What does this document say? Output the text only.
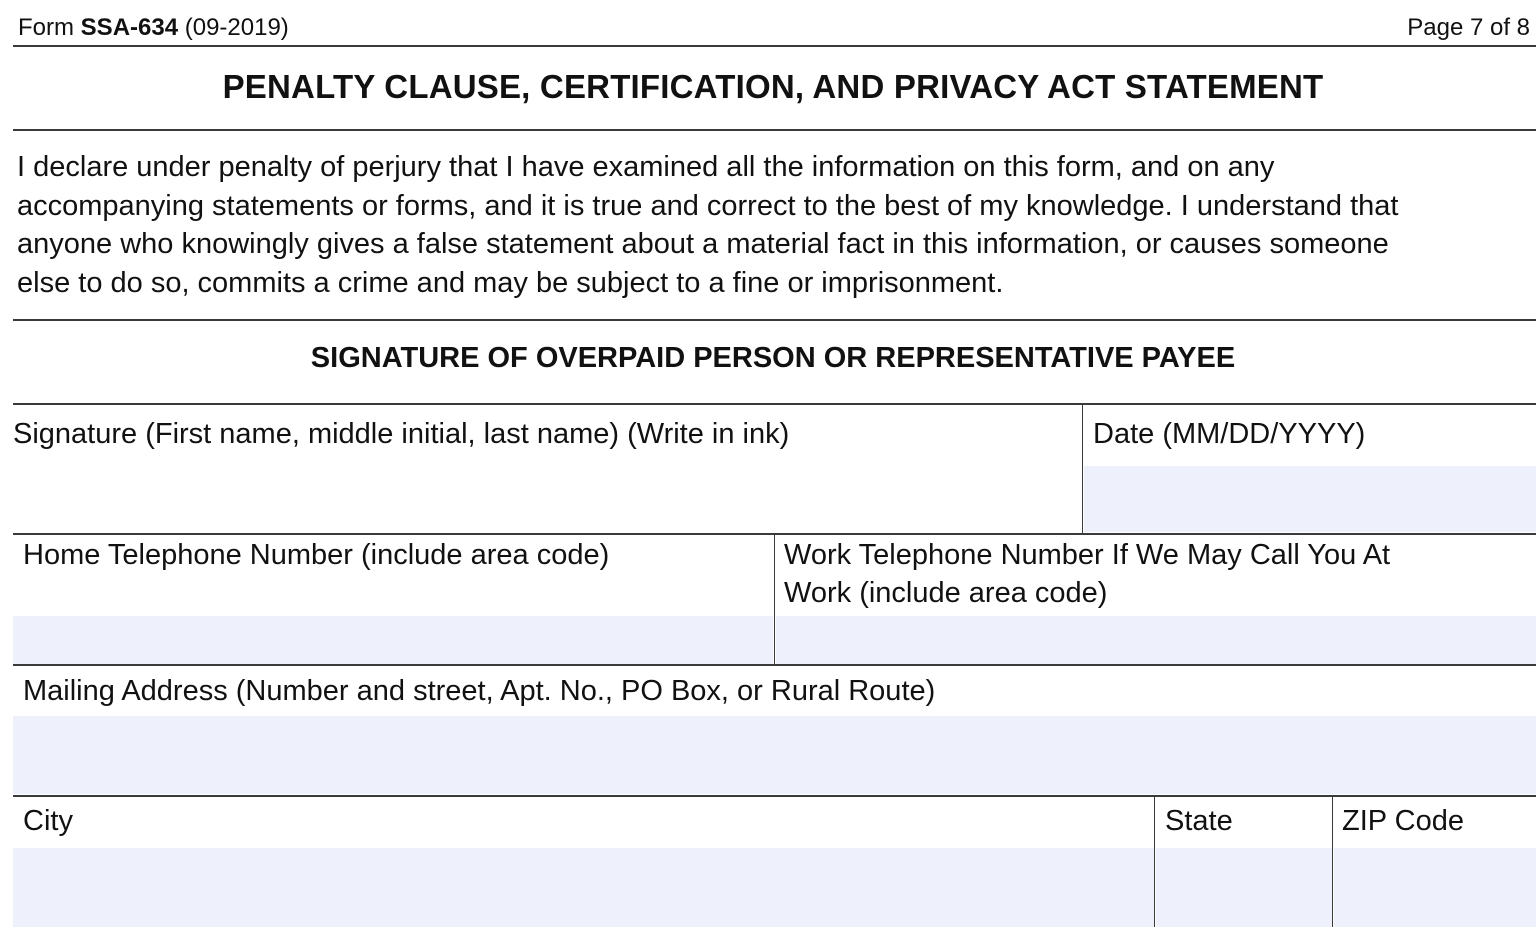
Form SSA-634 (09-2019)	Page 7 of 8
PENALTY CLAUSE, CERTIFICATION, AND PRIVACY ACT STATEMENT
I declare under penalty of perjury that I have examined all the information on this form, and on any
accompanying statements or forms, and it is true and correct to the best of my knowledge. I understand that
anyone who knowingly gives a false statement about a material fact in this information, or causes someone
else to do so, commits a crime and may be subject to a fine or imprisonment.
SIGNATURE OF OVERPAID PERSON OR REPRESENTATIVE PAYEE
Signature (First name, middle initial, last name) (Write in ink)	Date (MM/DD/YYYY)
Home Telephone Number (include area code)	Work Telephone Number If We May Call You At
Work (include area code)
Mailing Address (Number and street, Apt. No., PO Box, or Rural Route)
City	State	ZIP Code
